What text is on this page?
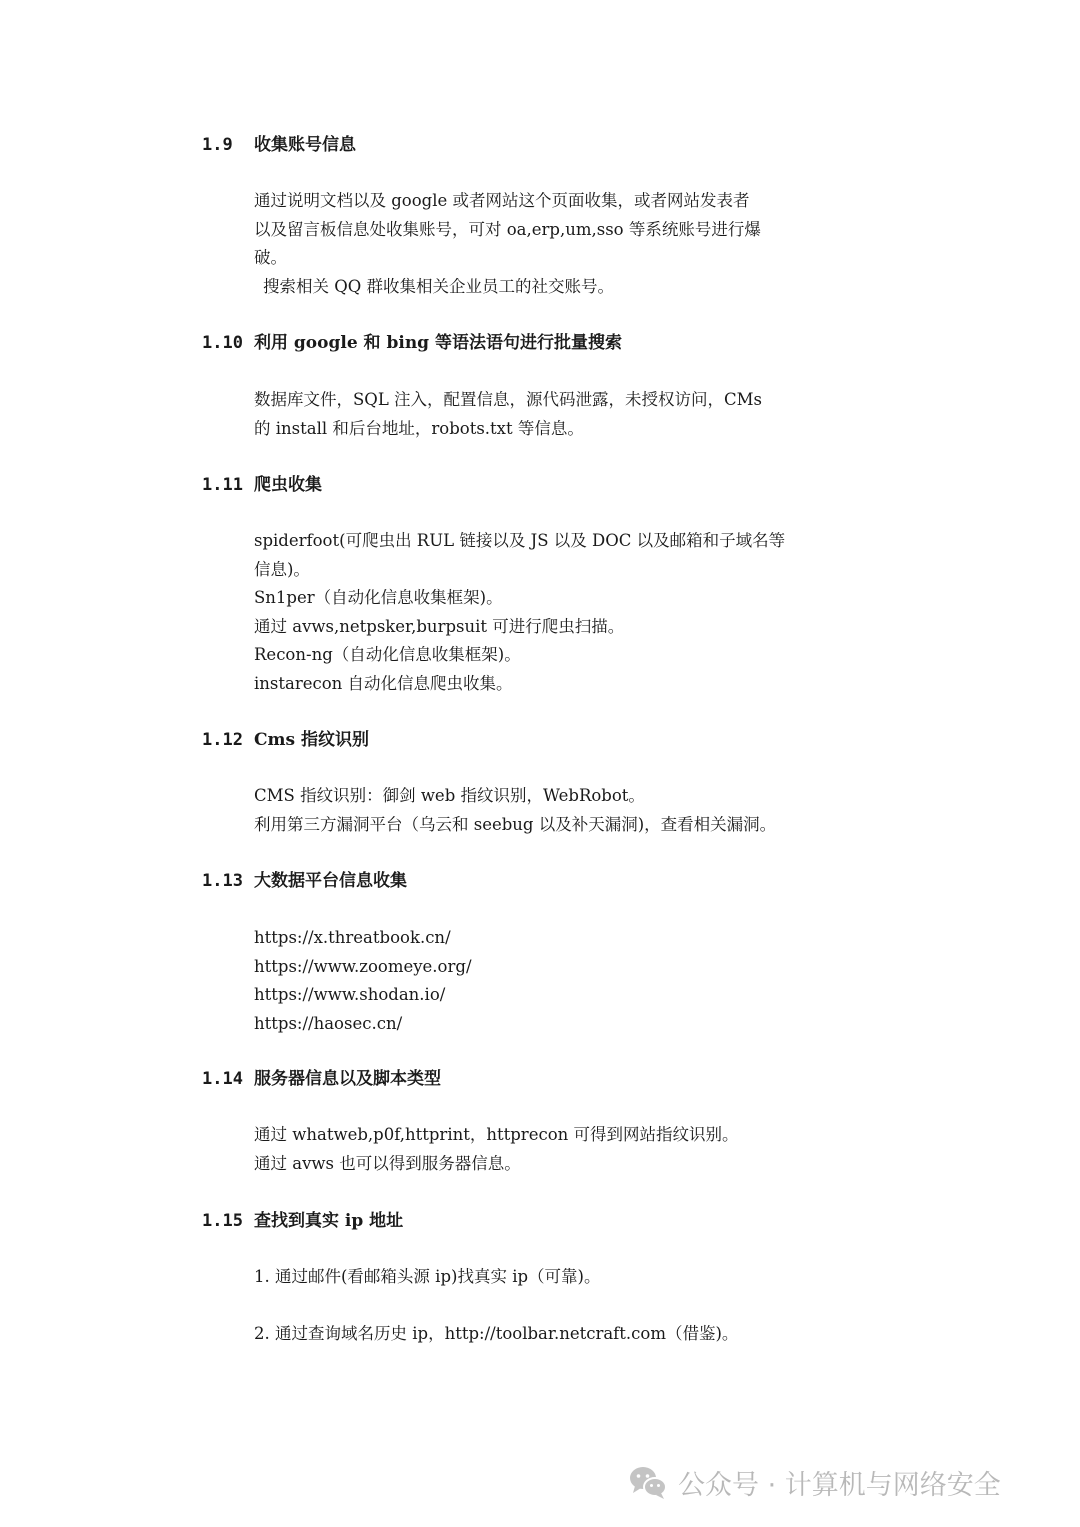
1.9 收集账号信息
通过说明文档以及 google 或者网站这个页面收集，或者网站发表者
以及留言板信息处收集账号，可对 oa,erp,um,sso 等系统账号进行爆
破。
搜索相关 QQ 群收集相关企业员工的社交账号。
1.10 利用 google 和 bing 等语法语句进行批量搜索
数据库文件，SQL 注入，配置信息，源代码泄露，未授权访问，CMs
的 install 和后台地址，robots.txt 等信息。
1.11 爬虫收集
spiderfoot(可爬虫出 RUL 链接以及 JS 以及 DOC 以及邮箱和子域名等
信息)。
Sn1per（自动化信息收集框架)。
通过 avws,netpsker,burpsuit 可进行爬虫扫描。
Recon-ng（自动化信息收集框架)。
instarecon 自动化信息爬虫收集。
1.12 Cms 指纹识别
CMS 指纹识别：御剑 web 指纹识别，WebRobot。
利用第三方漏洞平台（乌云和 seebug 以及补天漏洞)，查看相关漏洞。
1.13 大数据平台信息收集
https://x.threatbook.cn/
https://www.zoomeye.org/
https://www.shodan.io/
https://haosec.cn/
1.14 服务器信息以及脚本类型
通过 whatweb,p0f,httprint，httprecon 可得到网站指纹识别。
通过 avws 也可以得到服务器信息。
1.15 查找到真实 ip 地址
1. 通过邮件(看邮箱头源 ip)找真实 ip（可靠)。
2. 通过查询域名历史 ip，http://toolbar.netcraft.com（借鉴)。
公众号 · 计算机与网络安全
